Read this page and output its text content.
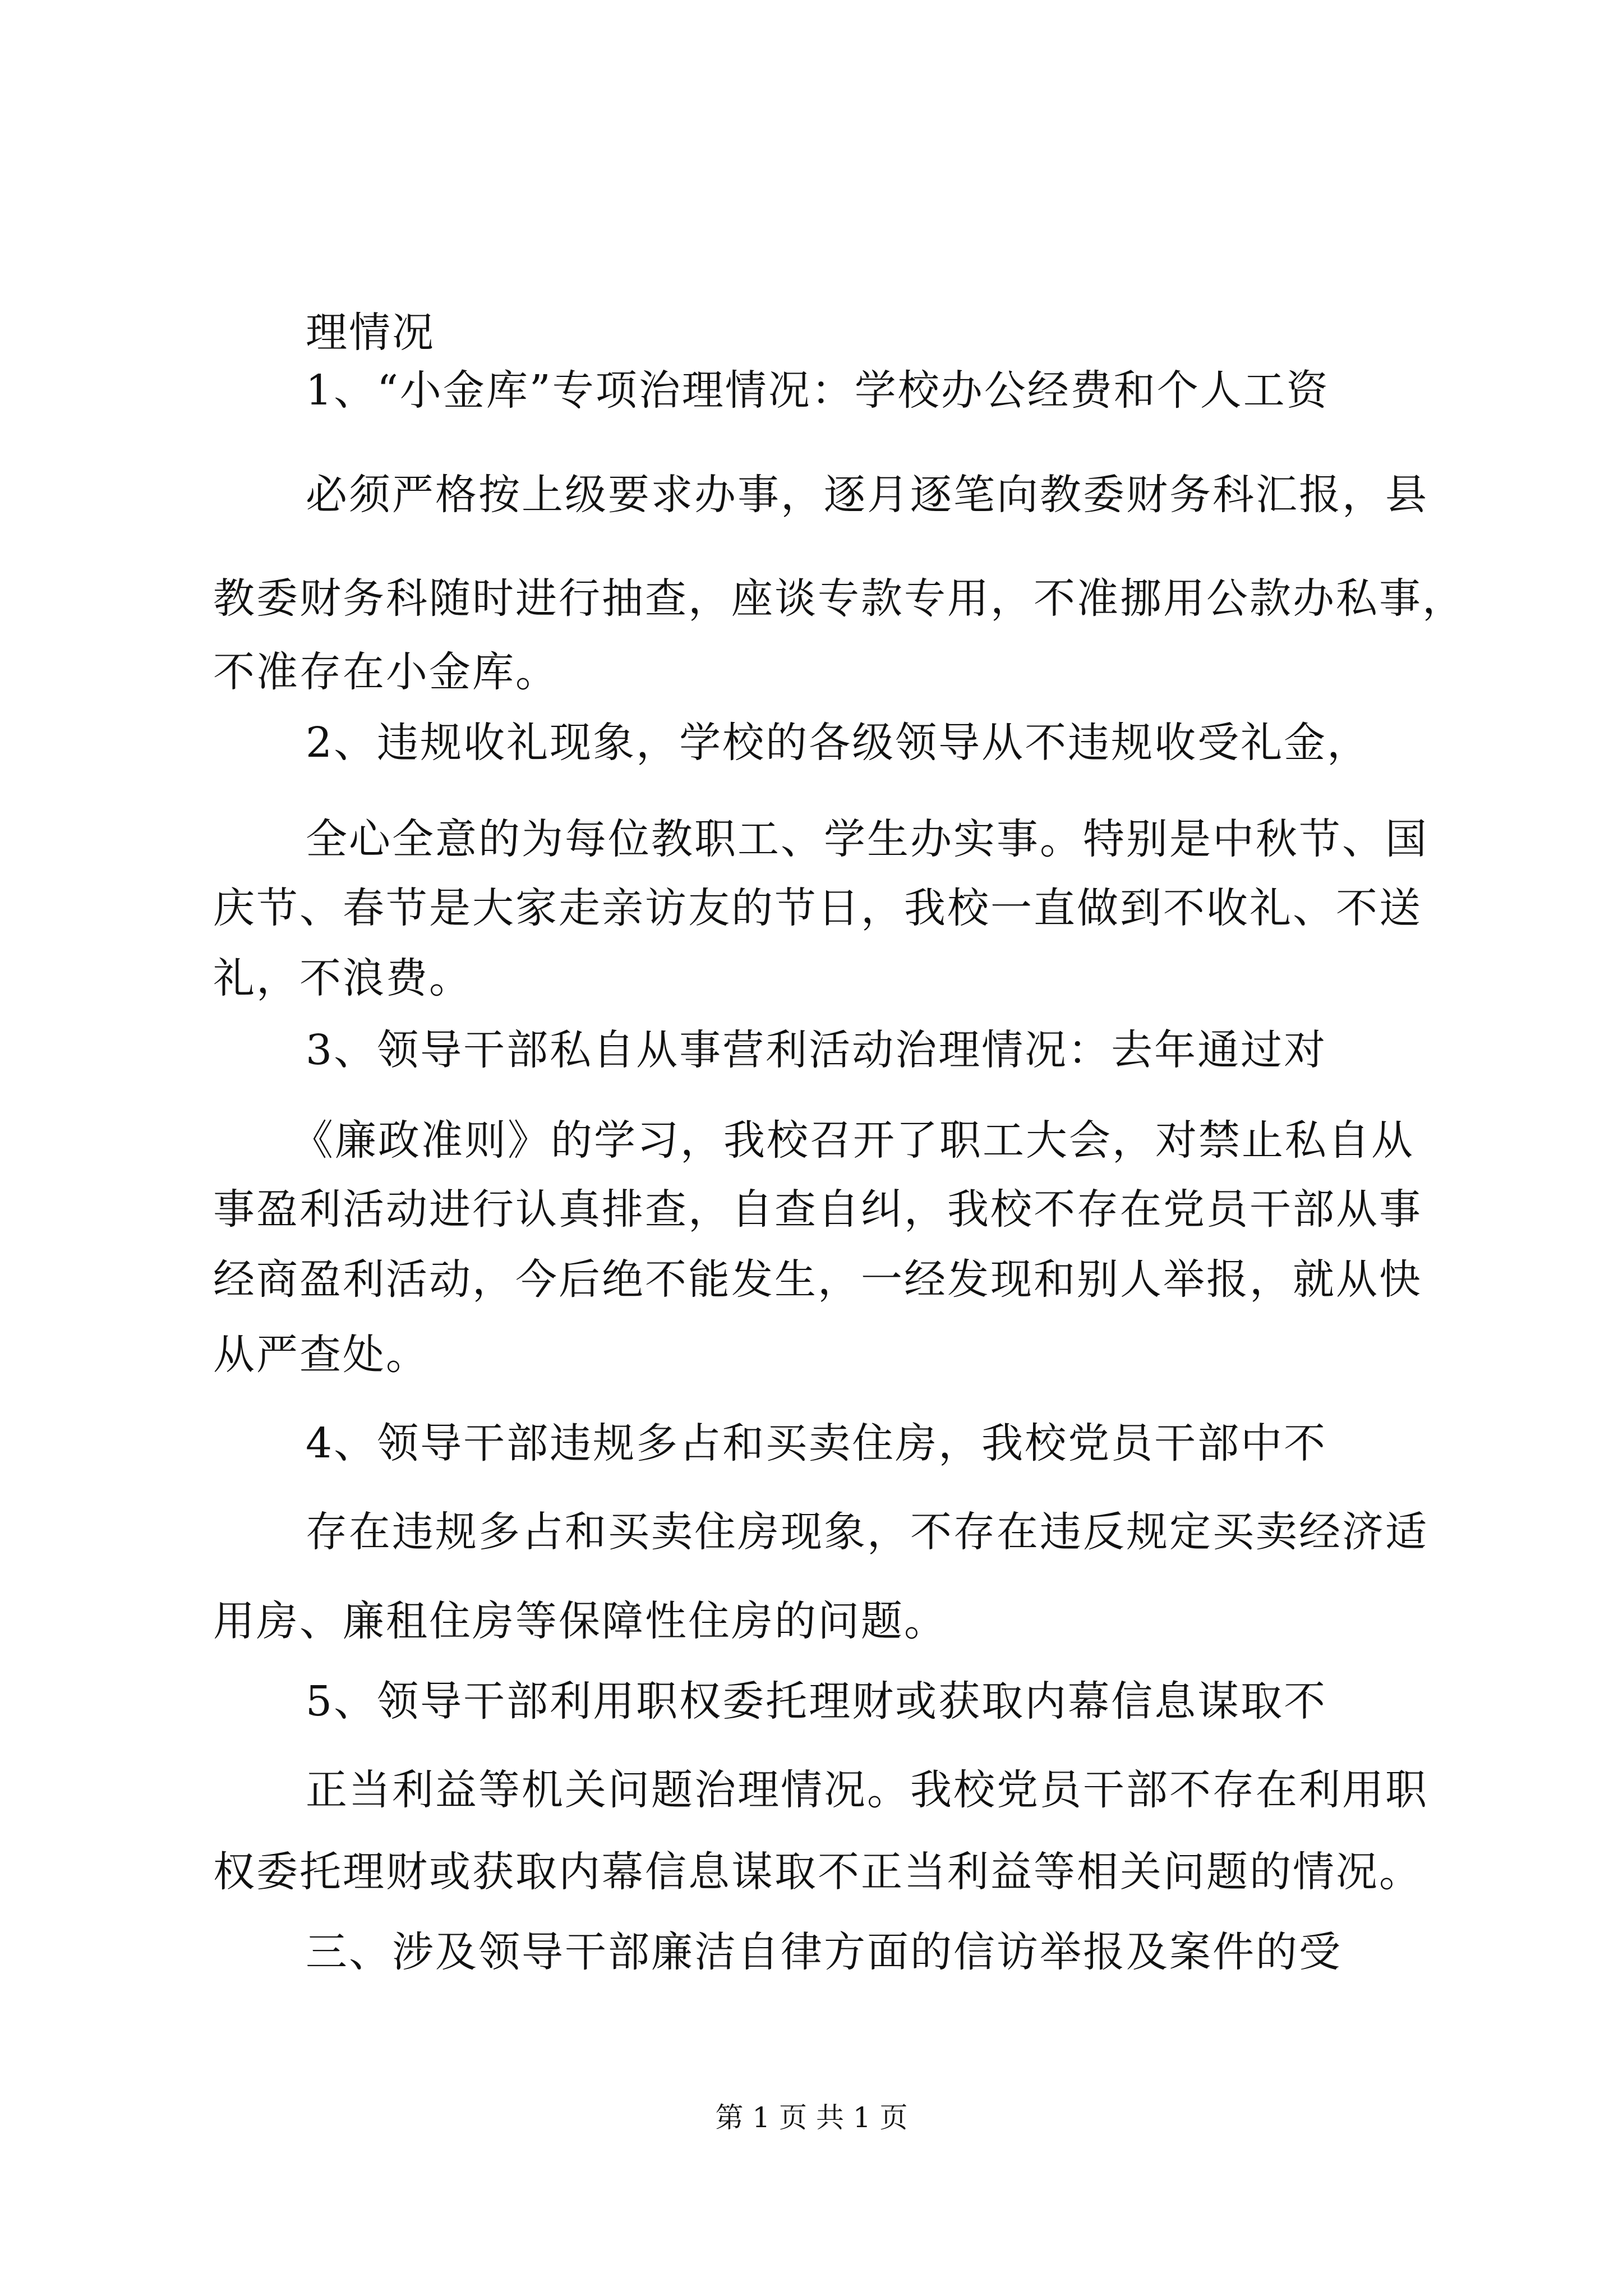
理情况
1、“小金库”专项治理情况：学校办公经费和个人工资
必须严格按上级要求办事，逐月逐笔向教委财务科汇报，县
教委财务科随时进行抽查，座谈专款专用，不准挪用公款办私事，
不准存在小金库。
2、违规收礼现象，学校的各级领导从不违规收受礼金，
全心全意的为每位教职工、学生办实事。特别是中秋节、国
庆节、春节是大家走亲访友的节日，我校一直做到不收礼、不送
礼，不浪费。
3、领导干部私自从事营利活动治理情况：去年通过对
《廉政准则》的学习，我校召开了职工大会，对禁止私自从
事盈利活动进行认真排查，自查自纠，我校不存在党员干部从事
经商盈利活动，今后绝不能发生，一经发现和别人举报，就从快
从严查处。
4、领导干部违规多占和买卖住房，我校党员干部中不
存在违规多占和买卖住房现象，不存在违反规定买卖经济适
用房、廉租住房等保障性住房的问题。
5、领导干部利用职权委托理财或获取内幕信息谋取不
正当利益等机关问题治理情况。我校党员干部不存在利用职
权委托理财或获取内幕信息谋取不正当利益等相关问题的情况。
三、涉及领导干部廉洁自律方面的信访举报及案件的受
第 1 页 共 1 页
